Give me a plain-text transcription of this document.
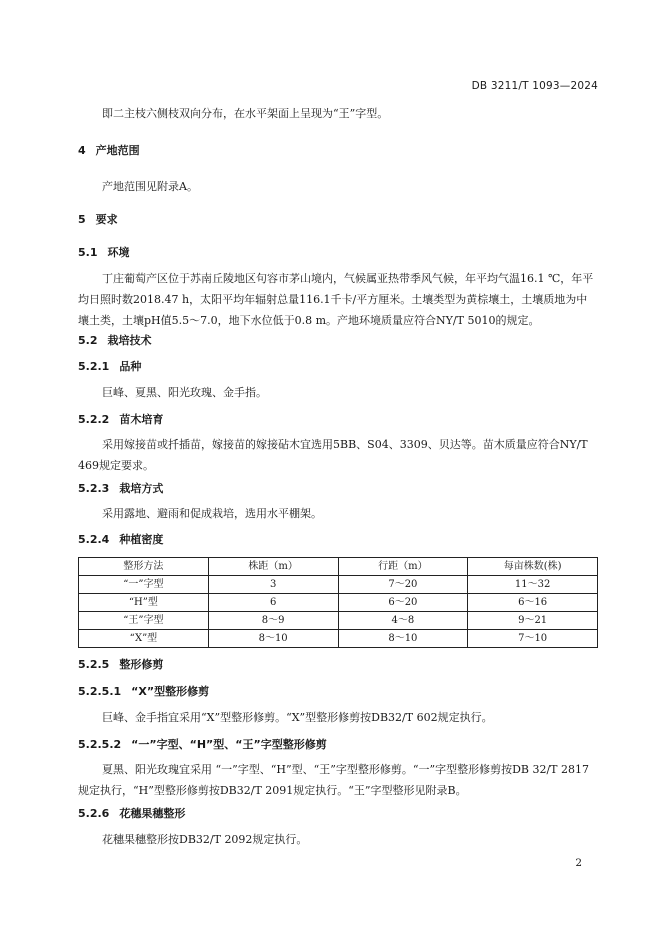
DB 3211/T 1093—2024
即二主枝六侧枝双向分布，在水平架面上呈现为“王”字型。
4 产地范围
产地范围见附录A。
5 要求
5.1 环境
丁庄葡萄产区位于苏南丘陵地区句容市茅山境内，气候属亚热带季风气候，年平均气温16.1 ℃，年平均日照时数2018.47 h，太阳平均年辐射总量116.1千卡/平方厘米。土壤类型为黄棕壤土，土壤质地为中壤土类，土壤pH值5.5～7.0，地下水位低于0.8 m。产地环境质量应符合NY/T 5010的规定。
5.2 栽培技术
5.2.1 品种
巨峰、夏黑、阳光玫瑰、金手指。
5.2.2 苗木培育
采用嫁接苗或扦插苗，嫁接苗的嫁接砧木宜选用5BB、S04、3309、贝达等。苗木质量应符合NY/T 469规定要求。
5.2.3 栽培方式
采用露地、避雨和促成栽培，选用水平棚架。
5.2.4 种植密度
整形方法	株距（m）	行距（m）	每亩株数(株)
“一”字型	3	7～20	11～32
“H”型	6	6～20	6～16
“王”字型	8～9	4～8	9～21
“X”型	8～10	8～10	7～10
5.2.5 整形修剪
5.2.5.1 “X”型整形修剪
巨峰、金手指宜采用“X”型整形修剪。“X”型整形修剪按DB32/T 602规定执行。
5.2.5.2 “一”字型、“H”型、“王”字型整形修剪
夏黑、阳光玫瑰宜采用 “一”字型、“H”型、“王”字型整形修剪。“一”字型整形修剪按DB 32/T 2817规定执行，“H”型整形修剪按DB32/T 2091规定执行。“王”字型整形见附录B。
5.2.6 花穗果穗整形
花穗果穗整形按DB32/T 2092规定执行。
2
